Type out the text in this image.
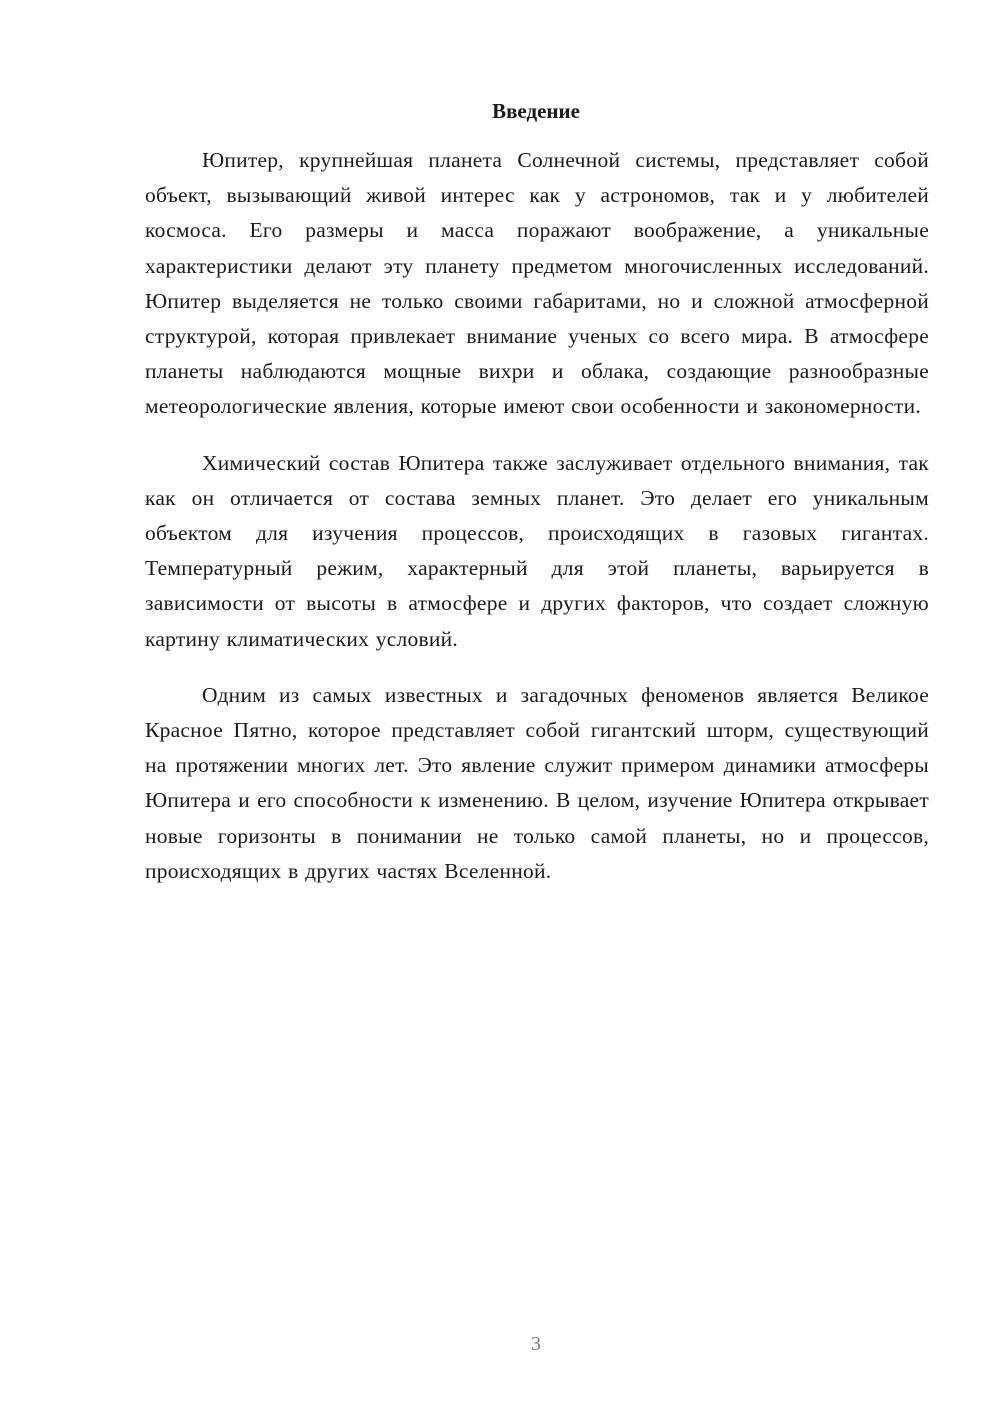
Введение

Юпитер, крупнейшая планета Солнечной системы, представляет собой объект, вызывающий живой интерес как у астрономов, так и у любителей космоса. Его размеры и масса поражают воображение, а уникальные характеристики делают эту планету предметом многочисленных исследований. Юпитер выделяется не только своими габаритами, но и сложной атмосферной структурой, которая привлекает внимание ученых со всего мира. В атмосфере планеты наблюдаются мощные вихри и облака, создающие разнообразные метеорологические явления, которые имеют свои особенности и закономерности.

Химический состав Юпитера также заслуживает отдельного внимания, так как он отличается от состава земных планет. Это делает его уникальным объектом для изучения процессов, происходящих в газовых гигантах. Температурный режим, характерный для этой планеты, варьируется в зависимости от высоты в атмосфере и других факторов, что создает сложную картину климатических условий.

Одним из самых известных и загадочных феноменов является Великое Красное Пятно, которое представляет собой гигантский шторм, существующий на протяжении многих лет. Это явление служит примером динамики атмосферы Юпитера и его способности к изменению. В целом, изучение Юпитера открывает новые горизонты в понимании не только самой планеты, но и процессов, происходящих в других частях Вселенной.

3
